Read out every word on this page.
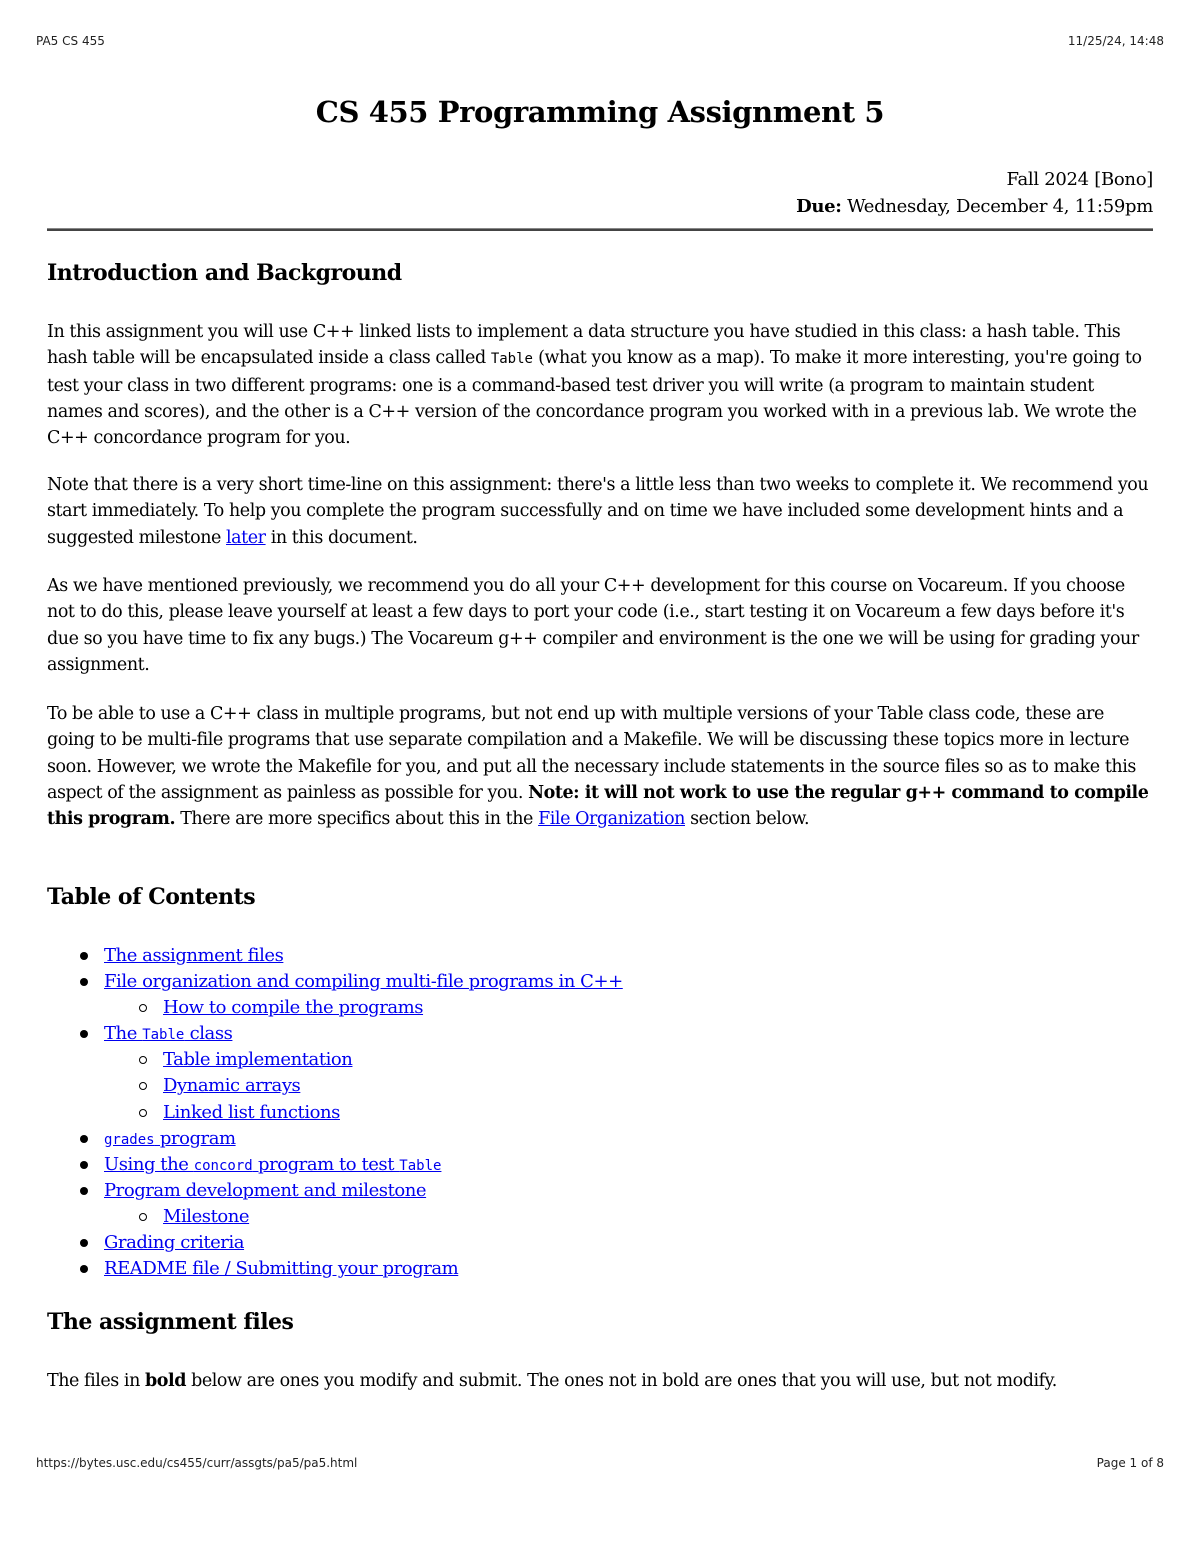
PA5 CS 455	11/25/24, 14:48
CS 455 Programming Assignment 5
Fall 2024 [Bono]
Due: Wednesday, December 4, 11:59pm
Introduction and Background

In this assignment you will use C++ linked lists to implement a data structure you have studied in this class: a hash table. This hash table will be encapsulated inside a class called Table (what you know as a map). To make it more interesting, you're going to test your class in two different programs: one is a command-based test driver you will write (a program to maintain student names and scores), and the other is a C++ version of the concordance program you worked with in a previous lab. We wrote the C++ concordance program for you.

Note that there is a very short time-line on this assignment: there's a little less than two weeks to complete it. We recommend you start immediately. To help you complete the program successfully and on time we have included some development hints and a suggested milestone later in this document.

As we have mentioned previously, we recommend you do all your C++ development for this course on Vocareum. If you choose not to do this, please leave yourself at least a few days to port your code (i.e., start testing it on Vocareum a few days before it's due so you have time to fix any bugs.) The Vocareum g++ compiler and environment is the one we will be using for grading your assignment.

To be able to use a C++ class in multiple programs, but not end up with multiple versions of your Table class code, these are going to be multi-file programs that use separate compilation and a Makefile. We will be discussing these topics more in lecture soon. However, we wrote the Makefile for you, and put all the necessary include statements in the source files so as to make this aspect of the assignment as painless as possible for you. Note: it will not work to use the regular g++ command to compile this program. There are more specifics about this in the File Organization section below.

Table of Contents
The assignment files
File organization and compiling multi-file programs in C++
How to compile the programs
The Table class
Table implementation
Dynamic arrays
Linked list functions
grades program
Using the concord program to test Table
Program development and milestone
Milestone
Grading criteria
README file / Submitting your program
The assignment files

The files in bold below are ones you modify and submit. The ones not in bold are ones that you will use, but not modify.

https://bytes.usc.edu/cs455/curr/assgts/pa5/pa5.html	Page 1 of 8
